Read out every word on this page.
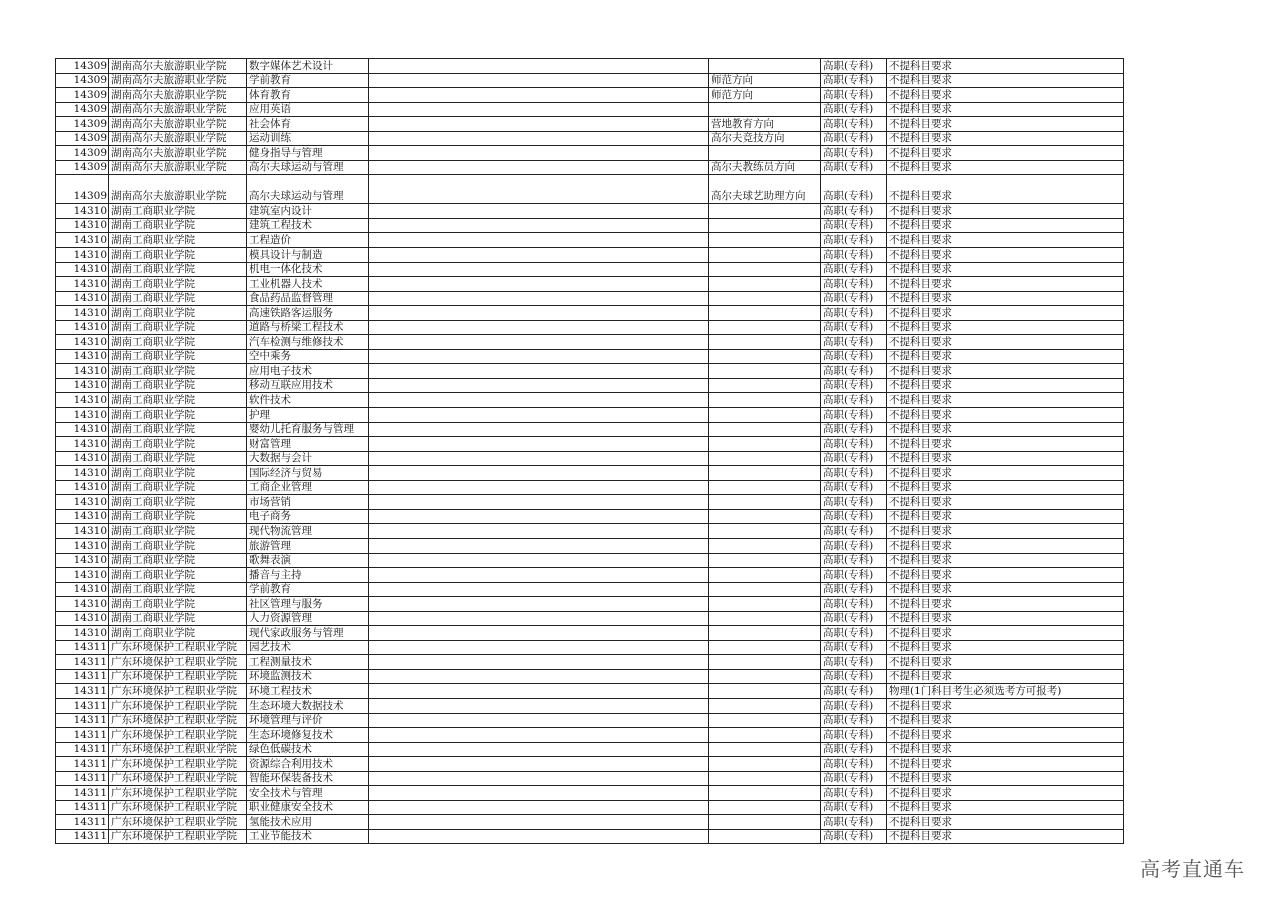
14309	湖南高尔夫旅游职业学院	数字媒体艺术设计			高职(专科)	不提科目要求	
14309	湖南高尔夫旅游职业学院	学前教育		师范方向	高职(专科)	不提科目要求	
14309	湖南高尔夫旅游职业学院	体育教育		师范方向	高职(专科)	不提科目要求	
14309	湖南高尔夫旅游职业学院	应用英语			高职(专科)	不提科目要求	
14309	湖南高尔夫旅游职业学院	社会体育		营地教育方向	高职(专科)	不提科目要求	
14309	湖南高尔夫旅游职业学院	运动训练		高尔夫竞技方向	高职(专科)	不提科目要求	
14309	湖南高尔夫旅游职业学院	健身指导与管理			高职(专科)	不提科目要求	
14309	湖南高尔夫旅游职业学院	高尔夫球运动与管理		高尔夫教练员方向	高职(专科)	不提科目要求	
14309	湖南高尔夫旅游职业学院	高尔夫球运动与管理		高尔夫球艺助理方向	高职(专科)	不提科目要求	
14310	湖南工商职业学院	建筑室内设计			高职(专科)	不提科目要求	
14310	湖南工商职业学院	建筑工程技术			高职(专科)	不提科目要求	
14310	湖南工商职业学院	工程造价			高职(专科)	不提科目要求	
14310	湖南工商职业学院	模具设计与制造			高职(专科)	不提科目要求	
14310	湖南工商职业学院	机电一体化技术			高职(专科)	不提科目要求	
14310	湖南工商职业学院	工业机器人技术			高职(专科)	不提科目要求	
14310	湖南工商职业学院	食品药品监督管理			高职(专科)	不提科目要求	
14310	湖南工商职业学院	高速铁路客运服务			高职(专科)	不提科目要求	
14310	湖南工商职业学院	道路与桥梁工程技术			高职(专科)	不提科目要求	
14310	湖南工商职业学院	汽车检测与维修技术			高职(专科)	不提科目要求	
14310	湖南工商职业学院	空中乘务			高职(专科)	不提科目要求	
14310	湖南工商职业学院	应用电子技术			高职(专科)	不提科目要求	
14310	湖南工商职业学院	移动互联应用技术			高职(专科)	不提科目要求	
14310	湖南工商职业学院	软件技术			高职(专科)	不提科目要求	
14310	湖南工商职业学院	护理			高职(专科)	不提科目要求	
14310	湖南工商职业学院	婴幼儿托育服务与管理			高职(专科)	不提科目要求	
14310	湖南工商职业学院	财富管理			高职(专科)	不提科目要求	
14310	湖南工商职业学院	大数据与会计			高职(专科)	不提科目要求	
14310	湖南工商职业学院	国际经济与贸易			高职(专科)	不提科目要求	
14310	湖南工商职业学院	工商企业管理			高职(专科)	不提科目要求	
14310	湖南工商职业学院	市场营销			高职(专科)	不提科目要求	
14310	湖南工商职业学院	电子商务			高职(专科)	不提科目要求	
14310	湖南工商职业学院	现代物流管理			高职(专科)	不提科目要求	
14310	湖南工商职业学院	旅游管理			高职(专科)	不提科目要求	
14310	湖南工商职业学院	歌舞表演			高职(专科)	不提科目要求	
14310	湖南工商职业学院	播音与主持			高职(专科)	不提科目要求	
14310	湖南工商职业学院	学前教育			高职(专科)	不提科目要求	
14310	湖南工商职业学院	社区管理与服务			高职(专科)	不提科目要求	
14310	湖南工商职业学院	人力资源管理			高职(专科)	不提科目要求	
14310	湖南工商职业学院	现代家政服务与管理			高职(专科)	不提科目要求	
14311	广东环境保护工程职业学院	园艺技术			高职(专科)	不提科目要求	
14311	广东环境保护工程职业学院	工程测量技术			高职(专科)	不提科目要求	
14311	广东环境保护工程职业学院	环境监测技术			高职(专科)	不提科目要求	
14311	广东环境保护工程职业学院	环境工程技术			高职(专科)	物理(1门科目考生必须选考方可报考)	
14311	广东环境保护工程职业学院	生态环境大数据技术			高职(专科)	不提科目要求	
14311	广东环境保护工程职业学院	环境管理与评价			高职(专科)	不提科目要求	
14311	广东环境保护工程职业学院	生态环境修复技术			高职(专科)	不提科目要求	
14311	广东环境保护工程职业学院	绿色低碳技术			高职(专科)	不提科目要求	
14311	广东环境保护工程职业学院	资源综合利用技术			高职(专科)	不提科目要求	
14311	广东环境保护工程职业学院	智能环保装备技术			高职(专科)	不提科目要求	
14311	广东环境保护工程职业学院	安全技术与管理			高职(专科)	不提科目要求	
14311	广东环境保护工程职业学院	职业健康安全技术			高职(专科)	不提科目要求	
14311	广东环境保护工程职业学院	氢能技术应用			高职(专科)	不提科目要求	
14311	广东环境保护工程职业学院	工业节能技术			高职(专科)	不提科目要求	
高考直通车
